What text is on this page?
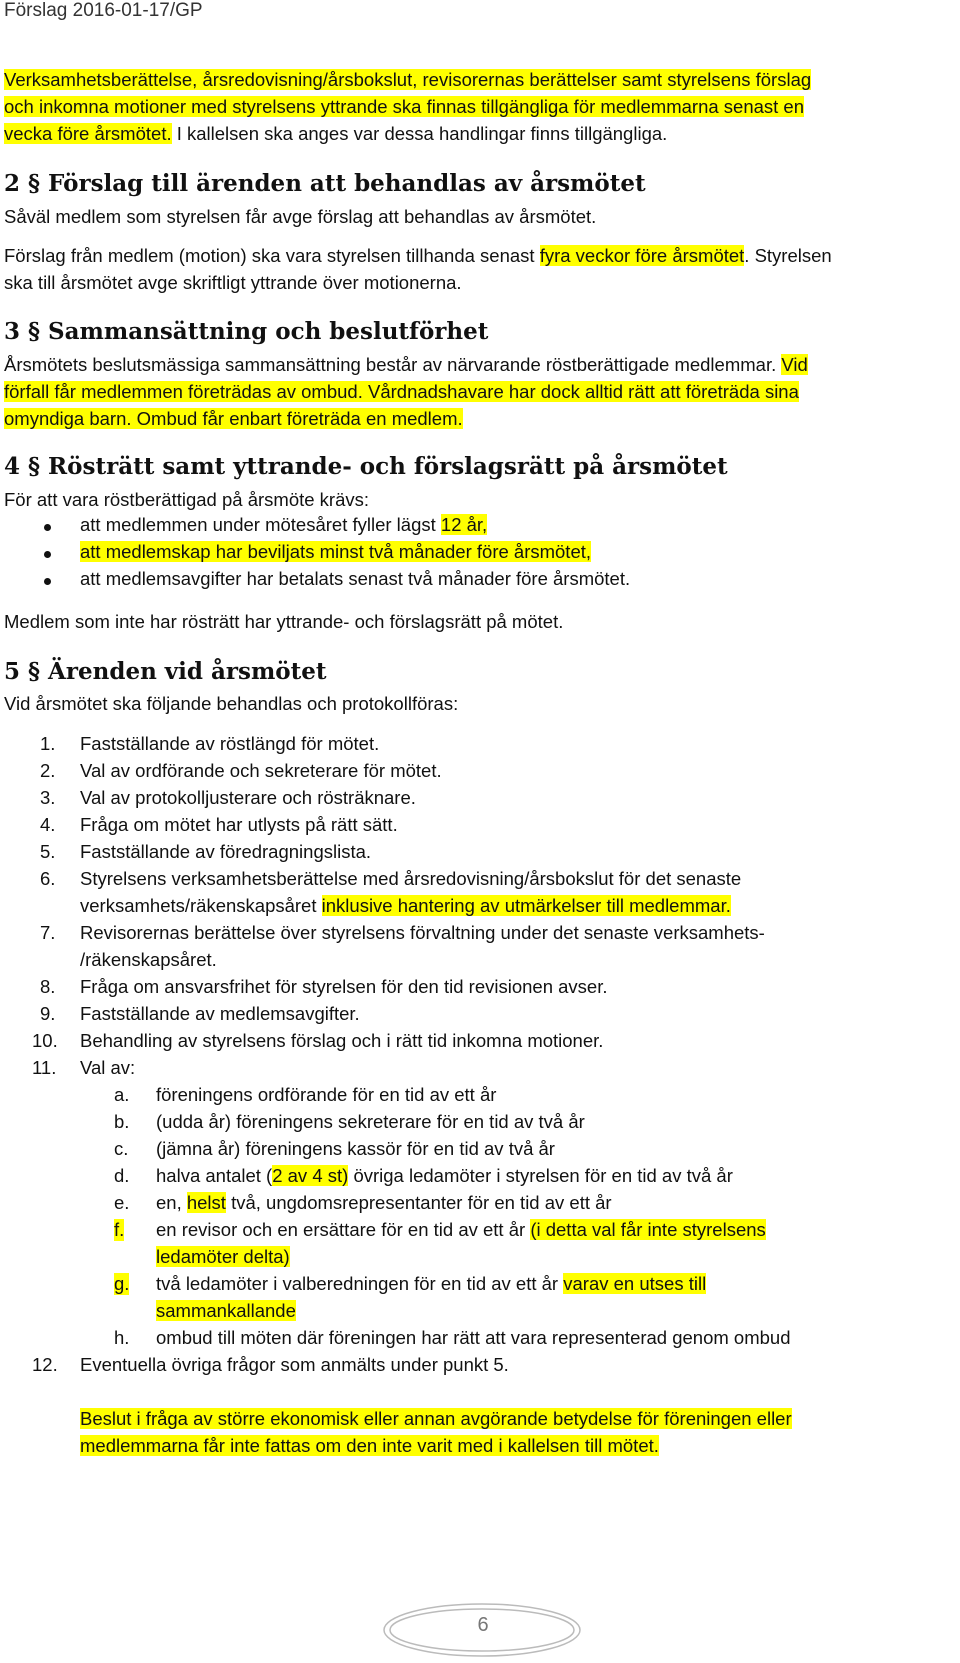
Förslag 2016-01-17/GP
Verksamhetsberättelse, årsredovisning/årsbokslut, revisorernas berättelser samt styrelsens förslag
och inkomna motioner med styrelsens yttrande ska finnas tillgängliga för medlemmarna senast en
vecka före årsmötet. I kallelsen ska anges var dessa handlingar finns tillgängliga.
2 § Förslag till ärenden att behandlas av årsmötet
Såväl medlem som styrelsen får avge förslag att behandlas av årsmötet.
Förslag från medlem (motion) ska vara styrelsen tillhanda senast fyra veckor före årsmötet. Styrelsen
ska till årsmötet avge skriftligt yttrande över motionerna.
3 § Sammansättning och beslutförhet
Årsmötets beslutsmässiga sammansättning består av närvarande röstberättigade medlemmar. Vid
förfall får medlemmen företrädas av ombud. Vårdnadshavare har dock alltid rätt att företräda sina
omyndiga barn. Ombud får enbart företräda en medlem.
4 § Rösträtt samt yttrande- och förslagsrätt på årsmötet
För att vara röstberättigad på årsmöte krävs:
att medlemmen under mötesåret fyller lägst 12 år,
att medlemskap har beviljats minst två månader före årsmötet,
att medlemsavgifter har betalats senast två månader före årsmötet.
Medlem som inte har rösträtt har yttrande- och förslagsrätt på mötet.
5 § Ärenden vid årsmötet
Vid årsmötet ska följande behandlas och protokollföras:
1. Fastställande av röstlängd för mötet.
2. Val av ordförande och sekreterare för mötet.
3. Val av protokolljusterare och rösträknare.
4. Fråga om mötet har utlysts på rätt sätt.
5. Fastställande av föredragningslista.
6. Styrelsens verksamhetsberättelse med årsredovisning/årsbokslut för det senaste
verksamhets/räkenskapsåret inklusive hantering av utmärkelser till medlemmar.
7. Revisorernas berättelse över styrelsens förvaltning under det senaste verksamhets-
/räkenskapsåret.
8. Fråga om ansvarsfrihet för styrelsen för den tid revisionen avser.
9. Fastställande av medlemsavgifter.
10. Behandling av styrelsens förslag och i rätt tid inkomna motioner.
11. Val av:
a. föreningens ordförande för en tid av ett år
b. (udda år) föreningens sekreterare för en tid av två år
c. (jämna år) föreningens kassör för en tid av två år
d. halva antalet (2 av 4 st) övriga ledamöter i styrelsen för en tid av två år
e. en, helst två, ungdomsrepresentanter för en tid av ett år
f. en revisor och en ersättare för en tid av ett år (i detta val får inte styrelsens
ledamöter delta)
g. två ledamöter i valberedningen för en tid av ett år varav en utses till
sammankallande
h. ombud till möten där föreningen har rätt att vara representerad genom ombud
12. Eventuella övriga frågor som anmälts under punkt 5.
Beslut i fråga av större ekonomisk eller annan avgörande betydelse för föreningen eller
medlemmarna får inte fattas om den inte varit med i kallelsen till mötet.
6
